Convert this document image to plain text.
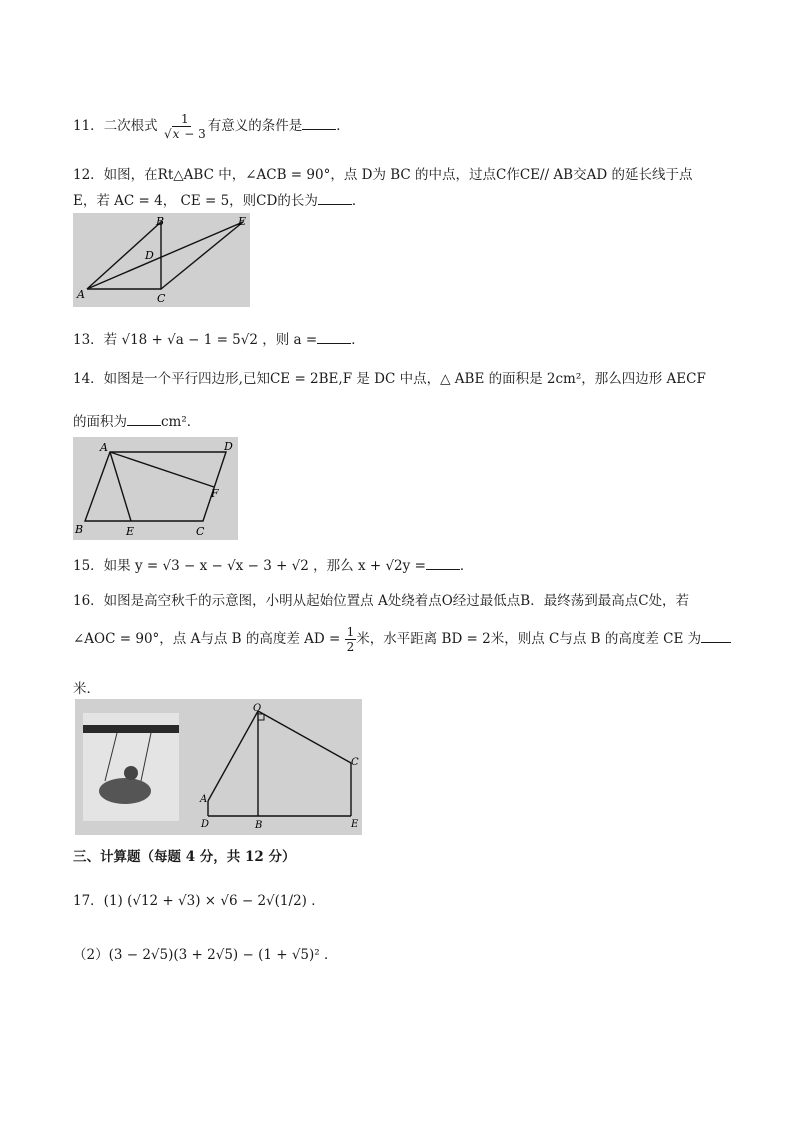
11．二次根式 $\frac{1}{√x - 3}$ 有意义的条件是	．
12．如图，在Rt△ABC 中，∠ACB = 90°，点 D为 BC 的中点，过点C作CE// AB交AD 的延长线于点
E，若 AC = 4， CE = 5，则CD的长为	．
A
B
C
D
E
13．若 √18 + √a − 1 = 5√2 ，则 a =	．
14．如图是一个平行四边形,已知CE = 2BE,F 是 DC 中点，△ ABE 的面积是 2cm²，那么四边形 AECF
的面积为	cm²．
A	D
F
B	E	C
15．如果 y = √3 − x − √x − 3 + √2 ，那么 x + √2y =	．
16．如图是高空秋千的示意图，小明从起始位置点 A处绕着点O经过最低点B．最终荡到最高点C处，若
∠AOC = 90°，点 A与点 B 的高度差 AD = $\frac{1}{2}$ 米，水平距离 BD = 2米，则点 C与点 B 的高度差 CE 为
米．
O
A
D	B
C
E
三、计算题（每题 4 分，共 12 分）
17．(1) (√12 + √3) × √6 − 2√(1/2) ．
（2）(3 − 2√5)(3 + 2√5) − (1 + √5)² ．
